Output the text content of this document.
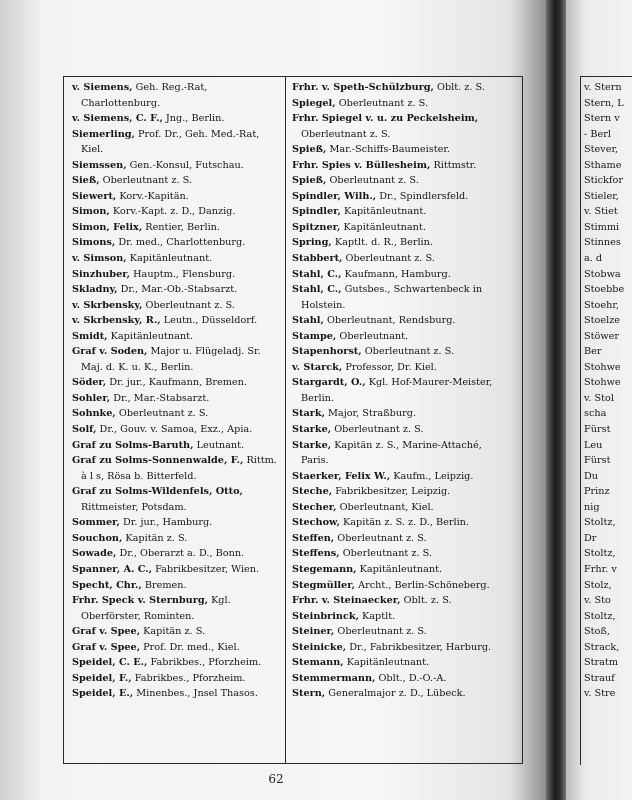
v. Siemens, Geh. Reg.-Rat, Charlottenburg.

v. Siemens, C. F., Jng., Berlin.

Siemerling, Prof. Dr., Geh. Med.-Rat, Kiel.

Siemssen, Gen.-Konsul, Futschau.

Sieß, Oberleutnant z. S.

Siewert, Korv.-Kapitän.

Simon, Korv.-Kapt. z. D., Danzig.

Simon, Felix, Rentier, Berlin.

Simons, Dr. med., Charlottenburg.

v. Simson, Kapitänleutnant.

Sinzhuber, Hauptm., Flensburg.

Skladny, Dr., Mar.-Ob.-Stabsarzt.

v. Skrbensky, Oberleutnant z. S.

v. Skrbensky, R., Leutn., Düsseldorf.

Smidt, Kapitänleutnant.

Graf v. Soden, Major u. Flügeladj. Sr. Maj. d. K. u. K., Berlin.

Söder, Dr. jur., Kaufmann, Bremen.

Sohler, Dr., Mar.-Stabsarzt.

Sohnke, Oberleutnant z. S.

Solf, Dr., Gouv. v. Samoa, Exz., Apia.

Graf zu Solms-Baruth, Leutnant.

Graf zu Solms-Sonnenwalde, F., Rittm. à l s, Rösa b. Bitterfeld.

Graf zu Solms-Wildenfels, Otto, Rittmeister, Potsdam.

Sommer, Dr. jur., Hamburg.

Souchon, Kapitän z. S.

Sowade, Dr., Oberarzt a. D., Bonn.

Spanner, A. C., Fabrikbesitzer, Wien.

Specht, Chr., Bremen.

Frhr. Speck v. Sternburg, Kgl. Oberförster, Rominten.

Graf v. Spee, Kapitän z. S.

Graf v. Spee, Prof. Dr. med., Kiel.

Speidel, C. E., Fabrikbes., Pforzheim.

Speidel, F., Fabrikbes., Pforzheim.

Speidel, E., Minenbes., Jnsel Thasos.

Frhr. v. Speth-Schülzburg, Oblt. z. S.

Spiegel, Oberleutnant z. S.

Frhr. Spiegel v. u. zu Peckelsheim, Oberleutnant z. S.

Spieß, Mar.-Schiffs-Baumeister.

Frhr. Spies v. Büllesheim, Rittmstr.

Spieß, Oberleutnant z. S.

Spindler, Wilh., Dr., Spindlersfeld.

Spindler, Kapitänleutnant.

Spitzner, Kapitänleutnant.

Spring, Kaptlt. d. R., Berlin.

Stabbert, Oberleutnant z. S.

Stahl, C., Kaufmann, Hamburg.

Stahl, C., Gutsbes., Schwartenbeck in Holstein.

Stahl, Oberleutnant, Rendsburg.

Stampe, Oberleutnant.

Stapenhorst, Oberleutnant z. S.

v. Starck, Professor, Dr. Kiel.

Stargardt, O., Kgl. Hof-Maurer-Meister, Berlin.

Stark, Major, Straßburg.

Starke, Oberleutnant z. S.

Starke, Kapitän z. S., Marine-Attaché, Paris.

Staerker, Felix W., Kaufm., Leipzig.

Steche, Fabrikbesitzer, Leipzig.

Stecher, Oberleutnant, Kiel.

Stechow, Kapitän z. S. z. D., Berlin.

Steffen, Oberleutnant z. S.

Steffens, Oberleutnant z. S.

Stegemann, Kapitänleutnant.

Stegmüller, Archt., Berlin-Schöneberg.

Frhr. v. Steinaecker, Oblt. z. S.

Steinbrinck, Kaptlt.

Steiner, Oberleutnant z. S.

Steinicke, Dr., Fabrikbesitzer, Harburg.

Stemann, Kapitänleutnant.

Stemmermann, Oblt., D.-O.-A.

Stern, Generalmajor z. D., Lübeck.

62

v. Stern

Stern, L

Stern v

- Berl

Stever,

Sthame

Stickfor

Stieler,

v. Stiet

Stimmi

Stinnes

a. d

Stobwa

Stoebbe

Stoehr,

Stoelze

Stöwer

Ber

Stohwe

Stohwe

v. Stol

scha

Fürst

Leu

Fürst

Du

Prinz

nig

Stoltz,

Dr

Stoltz,

Frhr. v

Stolz,

v. Sto

Stoltz,

Stoß,

Strack,

Stratm

Strauf

v. Stre
